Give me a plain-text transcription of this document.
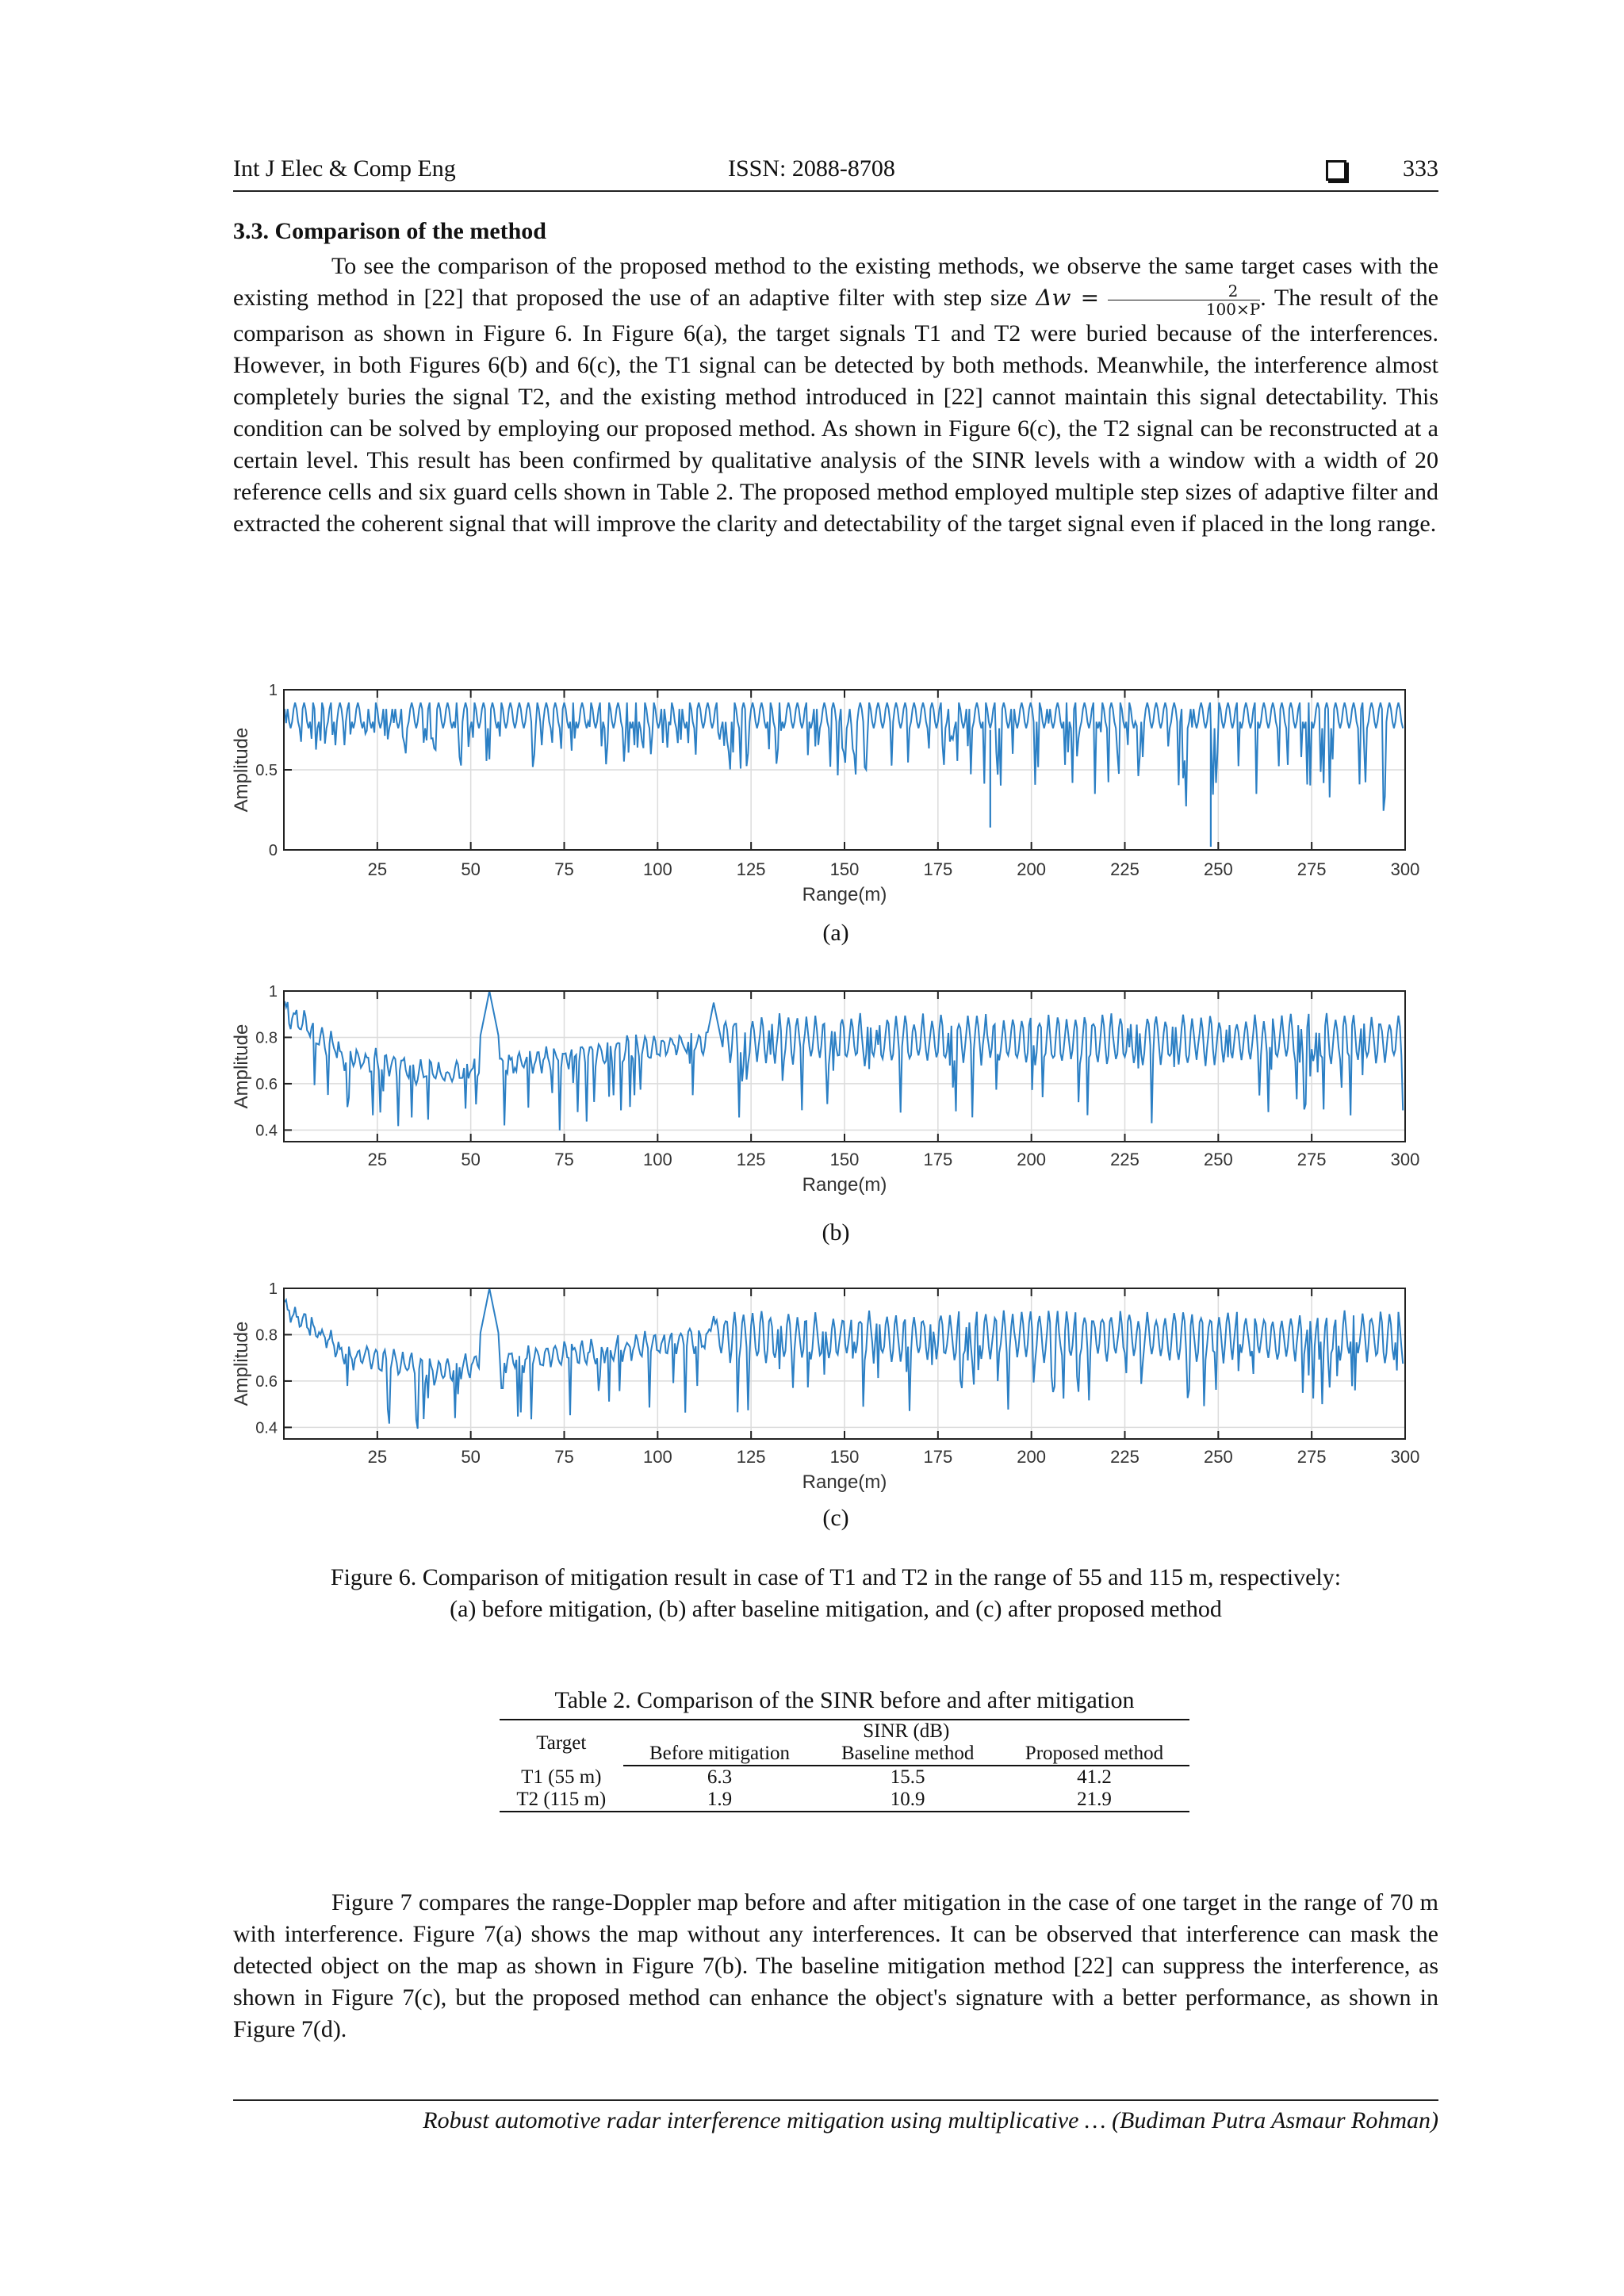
Int J Elec & Comp Eng	ISSN: 2088-8708	333
3.3. Comparison of the method

To see the comparison of the proposed method to the existing methods, we observe the same target cases with the existing method in [22] that proposed the use of an adaptive filter with step size $\Delta w = \frac{2}{100\times P}$ . The result of the comparison as shown in Figure 6. In Figure 6(a), the target signals T1 and T2 were buried because of the interferences. However, in both Figures 6(b) and 6(c), the T1 signal can be detected by both methods. Meanwhile, the interference almost completely buries the signal T2, and the existing method introduced in [22] cannot maintain this signal detectability. This condition can be solved by employing our proposed method. As shown in Figure 6(c), the T2 signal can be reconstructed at a certain level. This result has been confirmed by qualitative analysis of the SINR levels with a window with a width of 20 reference cells and six guard cells shown in Table 2. The proposed method employed multiple step sizes of adaptive filter and extracted the coherent signal that will improve the clarity and detectability of the target signal even if placed in the long range.

25	50	75	100	125	150	175	200	225	250	275	300
0
0.5
1
Range(m)
Amplitude
(a)
25	50	75	100	125	150	175	200	225	250	275	300
0.4
0.6
0.8
1
Range(m)
Amplitude
(b)
25	50	75	100	125	150	175	200	225	250	275	300
0.4
0.6
0.8
1
Range(m)
Amplitude
(c)
Figure 6. Comparison of mitigation result in case of T1 and T2 in the range of 55 and 115 m, respectively:
(a) before mitigation, (b) after baseline mitigation, and (c) after proposed method
Table 2. Comparison of the SINR before and after mitigation
Target	SINR (dB)		
	Before mitigation	Baseline method	Proposed method
T1 (55 m)	6.3	15.5	41.2
T2 (115 m)	1.9	10.9	21.9

Figure 7 compares the range-Doppler map before and after mitigation in the case of one target in the range of 70 m with interference. Figure 7(a) shows the map without any interferences. It can be observed that interference can mask the detected object on the map as shown in Figure 7(b). The baseline mitigation method [22] can suppress the interference, as shown in Figure 7(c), but the proposed method can enhance the object's signature with a better performance, as shown in Figure 7(d).

Robust automotive radar interference mitigation using multiplicative … (Budiman Putra Asmaur Rohman)
